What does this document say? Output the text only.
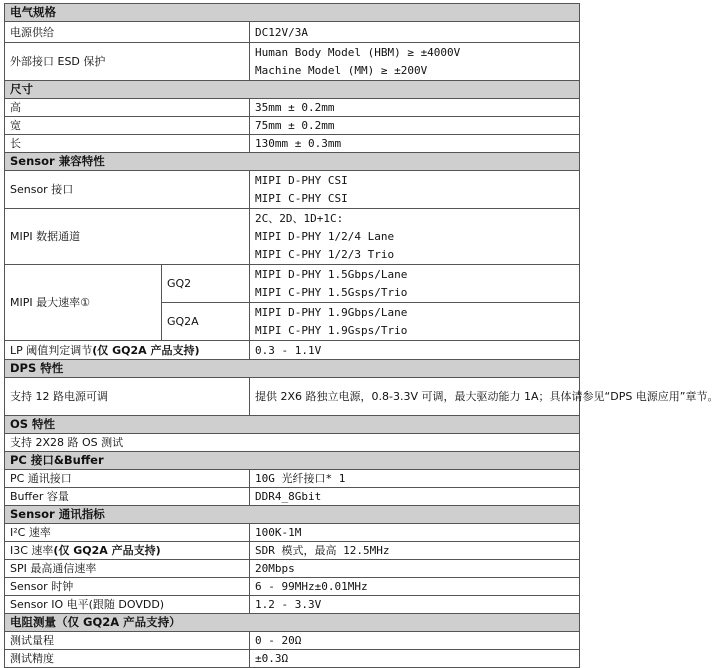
电气规格		
电源供给		DC12V/3A
外部接口 ESD 保护		Human Body Model (HBM) ≥ ±4000V
Machine Model (MM) ≥ ±200V

尺寸		
高		35mm ± 0.2mm
宽		75mm ± 0.2mm
长		130mm ± 0.3mm
Sensor 兼容特性		
Sensor 接口		MIPI D-PHY CSI
MIPI C-PHY CSI

MIPI 数据通道		2C、2D、1D+1C:
MIPI D-PHY 1/2/4 Lane
MIPI C-PHY 1/2/3 Trio

MIPI 最大速率①	GQ2	MIPI D-PHY 1.5Gbps/Lane
MIPI C-PHY 1.5Gsps/Trio

	GQ2A	MIPI D-PHY 1.9Gbps/Lane
MIPI C-PHY 1.9Gsps/Trio

LP 阈值判定调节(仅 GQ2A 产品支持)		0.3 - 1.1V
DPS 特性		
支持 12 路电源可调		提供 2X6 路独立电源，0.8-3.3V 可调，最大驱动能力 1A；具体请参见“DPS 电源应用”章节。
OS 特性		
支持 2X28 路 OS 测试		
PC 接口&Buffer		
PC 通讯接口		10G 光纤接口* 1
Buffer 容量		DDR4_8Gbit
Sensor 通讯指标		
I²C 速率		100K-1M
I3C 速率(仅 GQ2A 产品支持)		SDR 模式，最高 12.5MHz
SPI 最高通信速率		20Mbps
Sensor 时钟		6 - 99MHz±0.01MHz
Sensor IO 电平(跟随 DOVDD)		1.2 - 3.3V
电阻测量（仅 GQ2A 产品支持）		
测试量程		0 - 20Ω
测试精度		±0.3Ω
